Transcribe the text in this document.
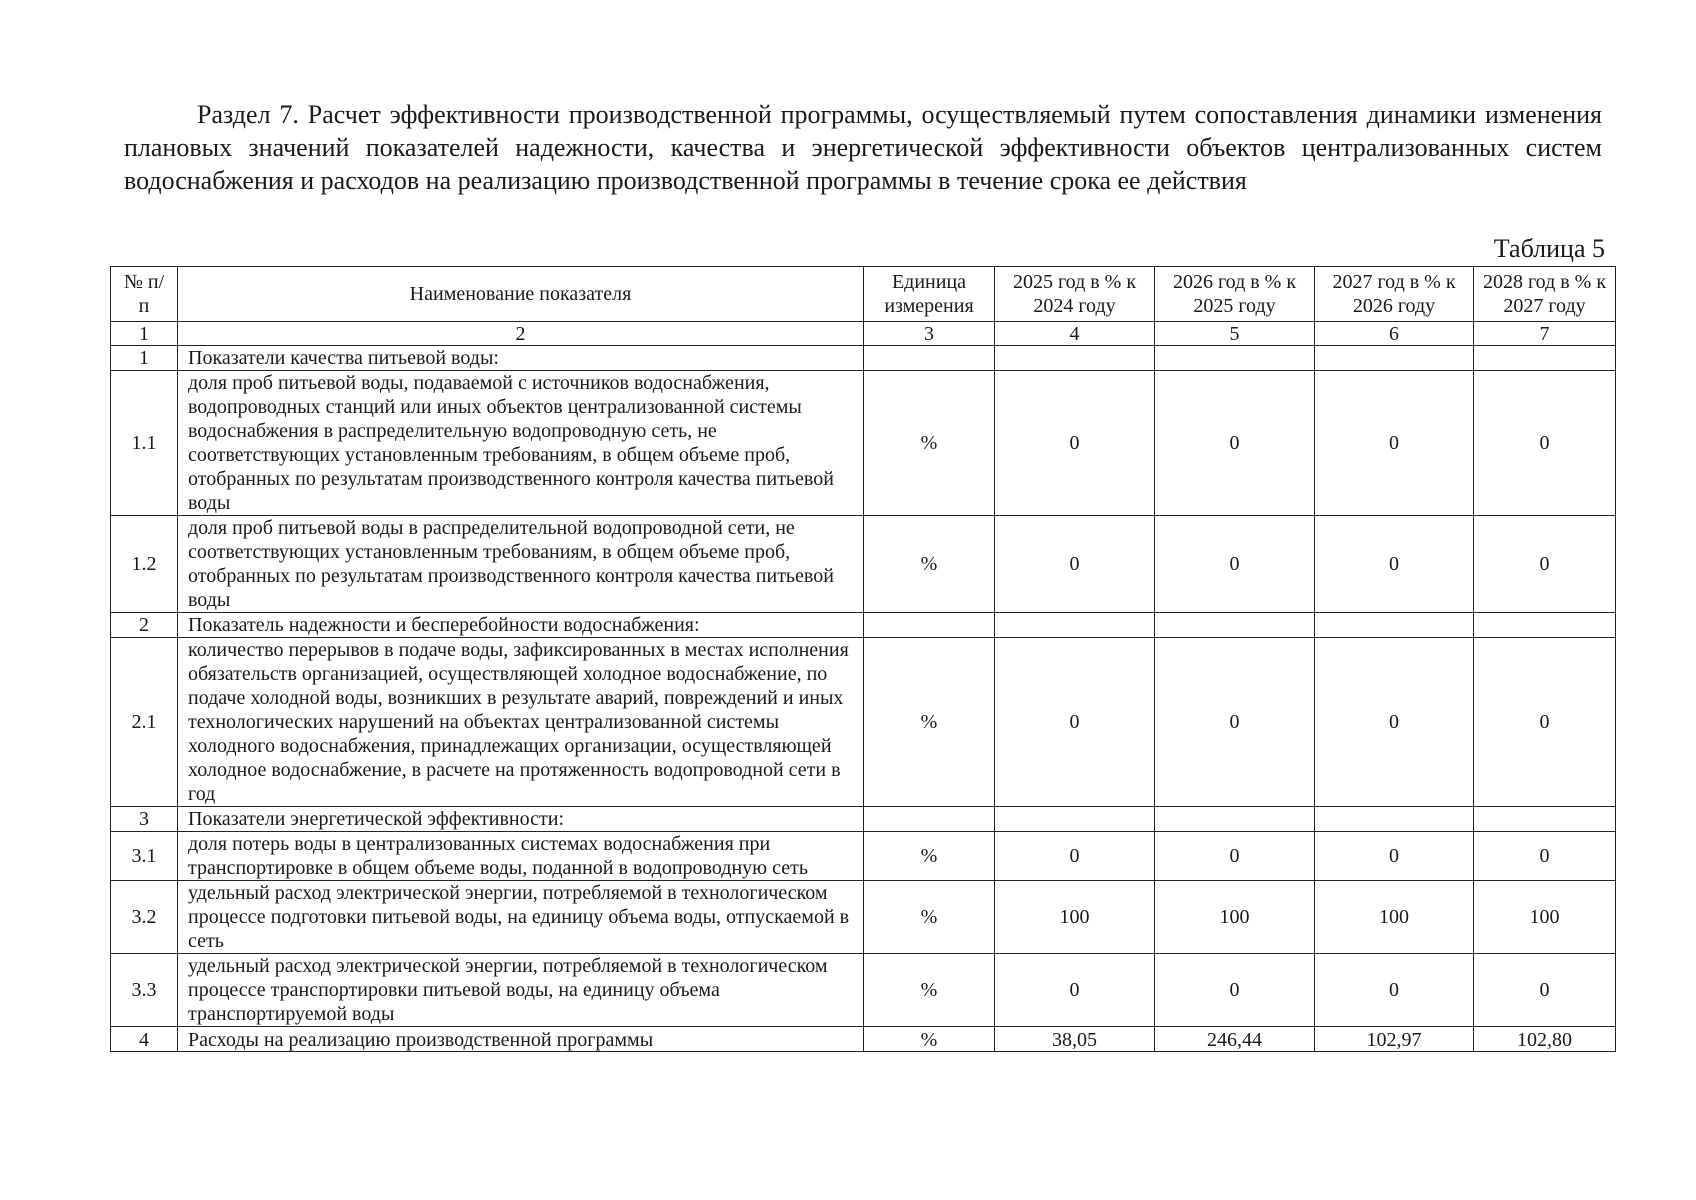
Раздел 7. Расчет эффективности производственной программы, осуществляемый путем сопоставления динамики изменения плановых значений показателей надежности, качества и энергетической эффективности объектов централизованных систем водоснабжения и расходов на реализацию производственной программы в течение срока ее действия

Таблица 5
№ п/п	Наименование показателя	Единица измерения	2025 год в % к 2024 году	2026 год в % к 2025 году	2027 год в % к 2026 году	2028 год в % к 2027 году
1	2	3	4	5	6	7
1	Показатели качества питьевой воды:					
1.1	доля проб питьевой воды, подаваемой с источников водоснабжения, водопроводных станций или иных объектов централизованной системы водоснабжения в распределительную водопроводную сеть, не соответствующих установленным требованиям, в общем объеме проб, отобранных по результатам производственного контроля качества питьевой воды	%	0	0	0	0
1.2	доля проб питьевой воды в распределительной водопроводной сети, не соответствующих установленным требованиям, в общем объеме проб, отобранных по результатам производственного контроля качества питьевой воды	%	0	0	0	0
2	Показатель надежности и бесперебойности водоснабжения:					
2.1	количество перерывов в подаче воды, зафиксированных в местах исполнения обязательств организацией, осуществляющей холодное водоснабжение, по подаче холодной воды, возникших в результате аварий, повреждений и иных технологических нарушений на объектах централизованной системы холодного водоснабжения, принадлежащих организации, осуществляющей холодное водоснабжение, в расчете на протяженность водопроводной сети в год	%	0	0	0	0
3	Показатели энергетической эффективности:					
3.1	доля потерь воды в централизованных системах водоснабжения при транспортировке в общем объеме воды, поданной в водопроводную сеть	%	0	0	0	0
3.2	удельный расход электрической энергии, потребляемой в технологическом процессе подготовки питьевой воды, на единицу объема воды, отпускаемой в сеть	%	100	100	100	100
3.3	удельный расход электрической энергии, потребляемой в технологическом процессе транспортировки питьевой воды, на единицу объема транспортируемой воды	%	0	0	0	0
4	Расходы на реализацию производственной программы	%	38,05	246,44	102,97	102,80
